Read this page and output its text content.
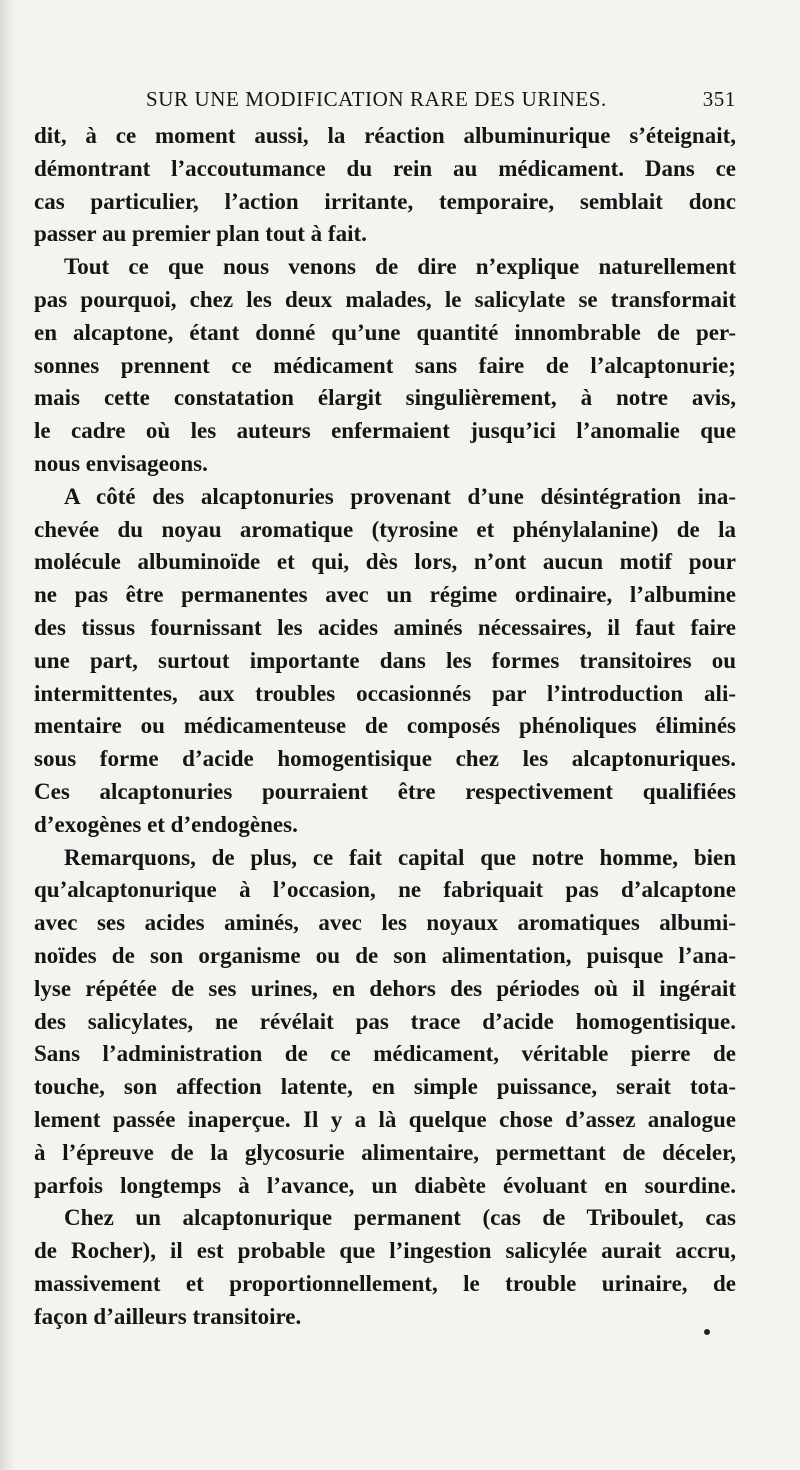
SUR UNE MODIFICATION RARE DES URINES.	351
dit, à ce moment aussi, la réaction albuminurique s’éteignait,
démontrant l’accoutumance du rein au médicament. Dans ce
cas particulier, l’action irritante, temporaire, semblait donc
passer au premier plan tout à fait.
Tout ce que nous venons de dire n’explique naturellement
pas pourquoi, chez les deux malades, le salicylate se transformait
en alcaptone, étant donné qu’une quantité innombrable de per-
sonnes prennent ce médicament sans faire de l’alcaptonurie;
mais cette constatation élargit singulièrement, à notre avis,
le cadre où les auteurs enfermaient jusqu’ici l’anomalie que
nous envisageons.
A côté des alcaptonuries provenant d’une désintégration ina-
chevée du noyau aromatique (tyrosine et phénylalanine) de la
molécule albuminoïde et qui, dès lors, n’ont aucun motif pour
ne pas être permanentes avec un régime ordinaire, l’albumine
des tissus fournissant les acides aminés nécessaires, il faut faire
une part, surtout importante dans les formes transitoires ou
intermittentes, aux troubles occasionnés par l’introduction ali-
mentaire ou médicamenteuse de composés phénoliques éliminés
sous forme d’acide homogentisique chez les alcaptonuriques.
Ces alcaptonuries pourraient être respectivement qualifiées
d’exogènes et d’endogènes.
Remarquons, de plus, ce fait capital que notre homme, bien
qu’alcaptonurique à l’occasion, ne fabriquait pas d’alcaptone
avec ses acides aminés, avec les noyaux aromatiques albumi-
noïdes de son organisme ou de son alimentation, puisque l’ana-
lyse répétée de ses urines, en dehors des périodes où il ingérait
des salicylates, ne révélait pas trace d’acide homogentisique.
Sans l’administration de ce médicament, véritable pierre de
touche, son affection latente, en simple puissance, serait tota-
lement passée inaperçue. Il y a là quelque chose d’assez analogue
à l’épreuve de la glycosurie alimentaire, permettant de déceler,
parfois longtemps à l’avance, un diabète évoluant en sourdine.
Chez un alcaptonurique permanent (cas de Triboulet, cas
de Rocher), il est probable que l’ingestion salicylée aurait accru,
massivement et proportionnellement, le trouble urinaire, de
façon d’ailleurs transitoire.
